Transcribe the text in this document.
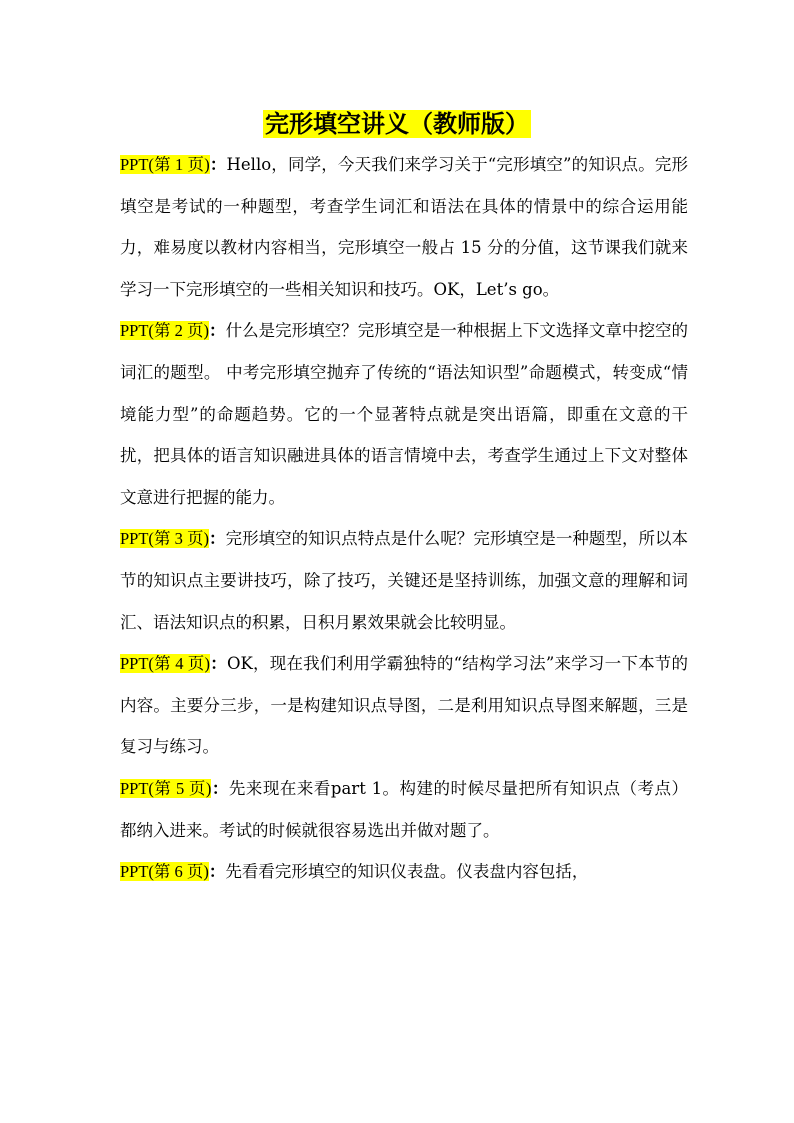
完形填空讲义（教师版）

PPT(第 1 页)：Hello，同学，今天我们来学习关于“完形填空”的知识点。完形填空是考试的一种题型，考查学生词汇和语法在具体的情景中的综合运用能力，难易度以教材内容相当，完形填空一般占 15 分的分值，这节课我们就来学习一下完形填空的一些相关知识和技巧。OK，Let’s go。

PPT(第 2 页)：什么是完形填空？完形填空是一种根据上下文选择文章中挖空的词汇的题型。 中考完形填空抛弃了传统的“语法知识型”命题模式，转变成“情境能力型”的命题趋势。它的一个显著特点就是突出语篇，即重在文意的干扰，把具体的语言知识融进具体的语言情境中去，考查学生通过上下文对整体文意进行把握的能力。

PPT(第 3 页)：完形填空的知识点特点是什么呢？完形填空是一种题型，所以本节的知识点主要讲技巧，除了技巧，关键还是坚持训练，加强文意的理解和词汇、语法知识点的积累，日积月累效果就会比较明显。

PPT(第 4 页)：OK，现在我们利用学霸独特的“结构学习法”来学习一下本节的内容。主要分三步，一是构建知识点导图，二是利用知识点导图来解题，三是复习与练习。

PPT(第 5 页)：先来现在来看part 1。构建的时候尽量把所有知识点（考点）都纳入进来。考试的时候就很容易选出并做对题了。

PPT(第 6 页)：先看看完形填空的知识仪表盘。仪表盘内容包括，
